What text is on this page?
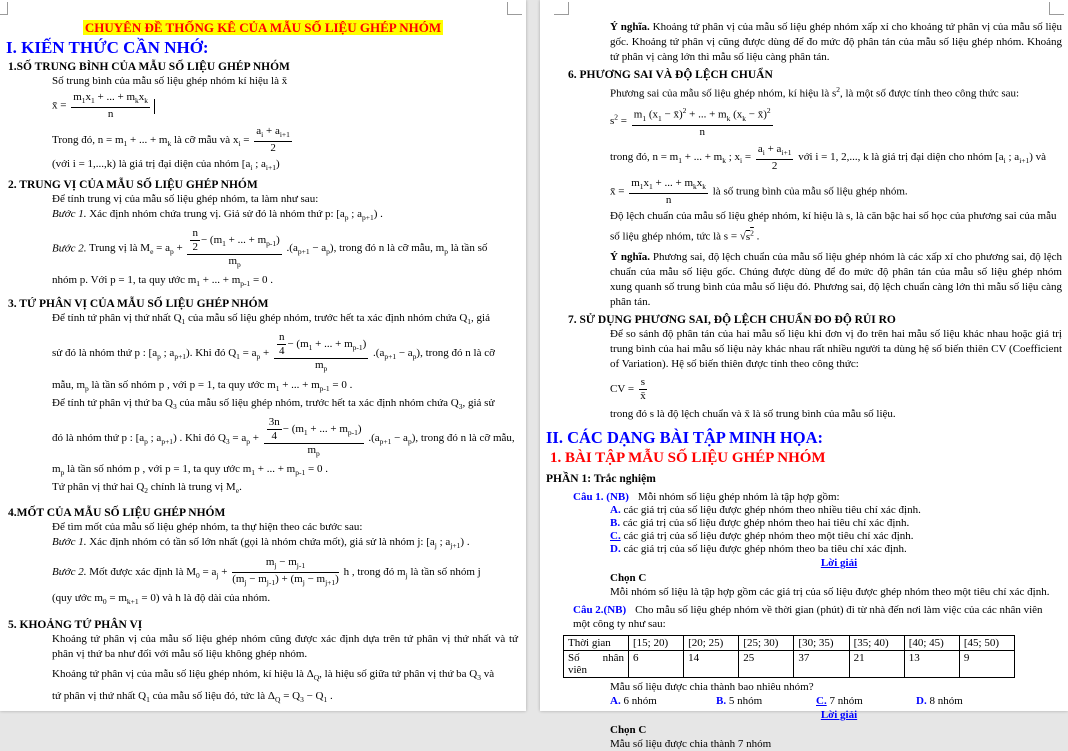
CHUYÊN ĐỀ THỐNG KÊ CỦA MẪU SỐ LIỆU GHÉP NHÓM
I. KIẾN THỨC CẦN NHỚ:
1.SỐ TRUNG BÌNH CỦA MẪU SỐ LIỆU GHÉP NHÓM
Số trung bình của mẫu số liệu ghép nhóm kí hiệu là x̄
x̄ = $\frac{m_1x_1 + ... + m_kx_k}{n}$
Trong đó, $n = m_1$ + ... + $m_k$ là cỡ mẫu và $x_i = \frac{a_i + a_{i+1}}{2}$
(với i = 1,...,k) là giá trị đại diện của nhóm [$a_i$ ; $a_{i+1}$)
2. TRUNG VỊ CỦA MẪU SỐ LIỆU GHÉP NHÓM
Để tính trung vị của mẫu số liệu ghép nhóm, ta làm như sau:
Bước 1. Xác định nhóm chứa trung vị. Giả sử đó là nhóm thứ p: [$a_p$ ; $a_{p+1}$) .
Bước 2. Trung vị là $M_e = a_p + \frac{\frac{n}{2} - (m_1 + ... + m_{p-1})}{m_p} .(a_{p+1} - a_p)$, trong đó n là cỡ mẫu, $m_p$ là tần số
nhóm p. Với p = 1, ta quy ước $m_1$ + ... + $m_{p-1} = 0$ .
3. TỨ PHÂN VỊ CỦA MẪU SỐ LIỆU GHÉP NHÓM
Để tính tứ phân vị thứ nhất $Q_1$ của mẫu số liệu ghép nhóm, trước hết ta xác định nhóm chứa $Q_1$, giả
sử đó là nhóm thứ p : [$a_p$ ; $a_{p+1}$). Khi đó $Q_1 = a_p + \frac{\frac{n}{4} - (m_1 + ... + m_{p-1})}{m_p} .(a_{p+1} - a_p)$, trong đó n là cỡ
mẫu, $m_p$ là tần số nhóm p , với p = 1, ta quy ước $m_1$ + ... + $m_{p-1} = 0$ .
Để tính tứ phân vị thứ ba $Q_3$ của mẫu số liệu ghép nhóm, trước hết ta xác định nhóm chứa $Q_3$, giả sử
đó là nhóm thứ p : [$a_p$ ; $a_{p+1}$) . Khi đó $Q_3 = a_p + \frac{\frac{3n}{4} - (m_1 + ... + m_{p-1})}{m_p} .(a_{p+1} - a_p)$, trong đó n là cỡ mẫu,
$m_p$ là tần số nhóm p , với p = 1, ta quy ước $m_1$ + ... + $m_{p-1} = 0$ .
Tứ phân vị thứ hai $Q_2$ chính là trung vị $M_e$.
4.MỐT CỦA MẪU SỐ LIỆU GHÉP NHÓM
Để tìm mốt của mẫu số liệu ghép nhóm, ta thự hiện theo các bước sau:
Bước 1. Xác định nhóm có tần số lớn nhất (gọi là nhóm chứa mốt), giả sử là nhóm j: [$a_j$ ; $a_{j+1}$) .
Bước 2. Mốt được xác định là $M_0 = a_j + \frac{m_j - m_{j-1}}{(m_j - m_{j-1}) + (m_j - m_{j+1})}$ h , trong đó $m_j$ là tần số nhóm j
(quy ước $m_0 = m_{k+1} = 0$) và h là độ dài của nhóm.
5. KHOẢNG TỨ PHÂN VỊ
Khoảng tứ phân vị của mẫu số liệu ghép nhóm cũng được xác định dựa trên tứ phân vị thứ nhất và tứ phân vị thứ ba như đối với mẫu số liệu không ghép nhóm.
Khoảng tứ phân vị của mẫu số liệu ghép nhóm, kí hiệu là $\Delta_Q$, là hiệu số giữa tứ phân vị thứ ba $Q_3$ và
tứ phân vị thứ nhất $Q_1$ của mẫu số liệu đó, tức là $\Delta_Q = Q_3 - Q_1$ .
Ý nghĩa. Khoảng tứ phân vị của mẫu số liệu ghép nhóm xấp xỉ cho khoảng tứ phân vị của mẫu số liệu gốc. Khoảng tứ phân vị cũng được dùng để đo mức độ phân tán của mẫu số liệu ghép nhóm. Khoảng tứ phân vị càng lớn thì mẫu số liệu càng phân tán.
6. PHƯƠNG SAI VÀ ĐỘ LỆCH CHUẨN
Phương sai của mẫu số liệu ghép nhóm, kí hiệu là $s^2$, là một số được tính theo công thức sau:
$s^2 = \frac{m_1 (x_1 - x̄)^2 + ... + m_k (x_k - x̄)^2}{n}$
trong đó, $n = m_1$ + ... + $m_k$ ; $x_i = \frac{a_i + a_{i+1}}{2}$ với i = 1, 2,..., k là giá trị đại diện cho nhóm [$a_i$ ; $a_{i+1}$) và
x̄ = $\frac{m_1x_1 + ... + m_kx_k}{n}$ là số trung bình của mẫu số liệu ghép nhóm.
Độ lệch chuẩn của mẫu số liệu ghép nhóm, kí hiệu là s, là căn bậc hai số học của phương sai của mẫu
số liệu ghép nhóm, tức là $s = √s^2$ .
Ý nghĩa. Phương sai, độ lệch chuẩn của mẫu số liệu ghép nhóm là các xấp xỉ cho phương sai, độ lệch chuẩn của mẫu số liệu gốc. Chúng được dùng để đo mức độ phân tán của mẫu số liệu ghép nhóm xung quanh số trung bình của mẫu số liệu đó. Phương sai, độ lệch chuẩn càng lớn thì mẫu số liệu càng phân tán.
7. SỬ DỤNG PHƯƠNG SAI, ĐỘ LỆCH CHUẨN ĐO ĐỘ RỦI RO
Để so sánh độ phân tán của hai mẫu số liệu khi đơn vị đo trên hai mẫu số liệu khác nhau hoặc giá trị trung bình của hai mẫu số liệu này khác nhau rất nhiều người ta dùng hệ số biến thiên CV (Coefficient of Variation). Hệ số biến thiên được tính theo công thức:
CV = $\frac{s}{x̄}$
trong đó s là độ lệch chuẩn và x̄ là số trung bình của mẫu số liệu.
II. CÁC DẠNG BÀI TẬP MINH HỌA:
1. BÀI TẬP MẪU SỐ LIỆU GHÉP NHÓM
PHẦN 1: Trắc nghiệm
Câu 1. (NB) Mỗi nhóm số liệu ghép nhóm là tập hợp gồm:
A. các giá trị của số liệu được ghép nhóm theo nhiều tiêu chí xác định.
B. các giá trị của số liệu được ghép nhóm theo hai tiêu chí xác định.
C. các giá trị của số liệu được ghép nhóm theo một tiêu chí xác định.
D. các giá trị của số liệu được ghép nhóm theo ba tiêu chí xác định.
Lời giải
Chọn C
Mỗi nhóm số liệu là tập hợp gồm các giá trị của số liệu được ghép nhóm theo một tiêu chí xác định.
Câu 2.(NB) Cho mẫu số liệu ghép nhóm về thời gian (phút) đi từ nhà đến nơi làm việc của các nhân viên một công ty như sau:
Thời gian	[15; 20)	[20; 25)	[25; 30)	[30; 35)	[35; 40)	[40; 45)	[45; 50)
Số nhân viên	6	14	25	37	21	13	9
Mẫu số liệu được chia thành bao nhiêu nhóm?
A. 6 nhóm	B. 5 nhóm	C. 7 nhóm	D. 8 nhóm
Lời giải
Chọn C
Mẫu số liệu được chia thành 7 nhóm
